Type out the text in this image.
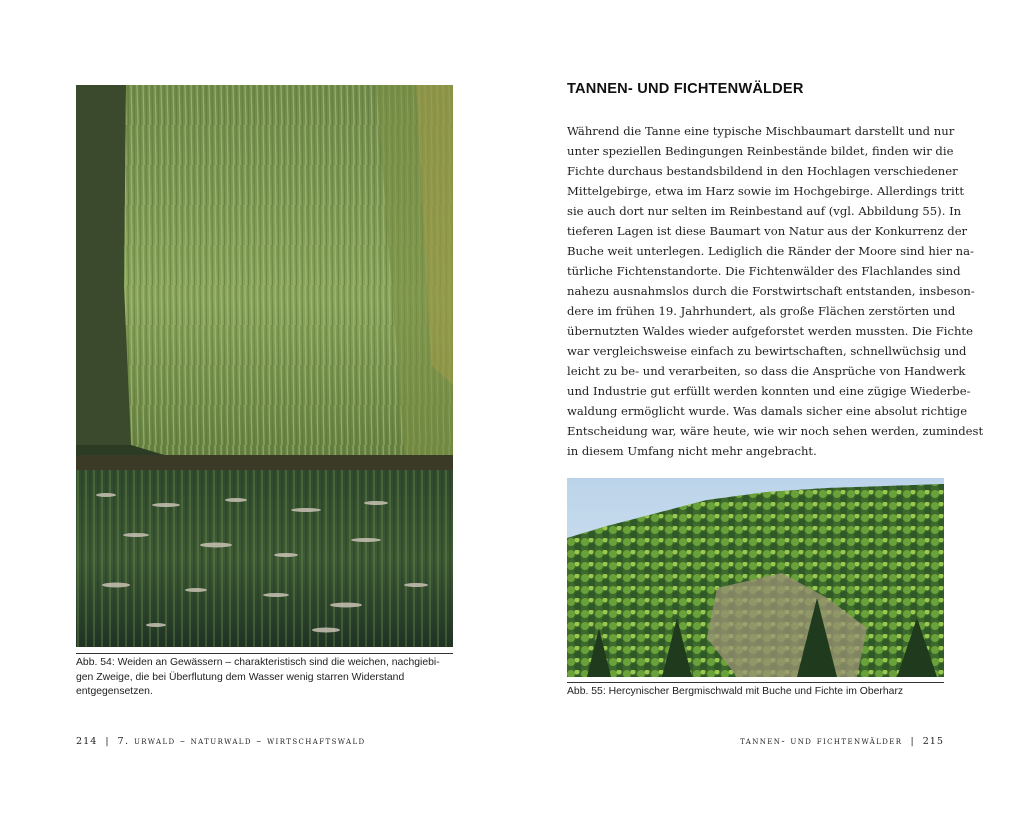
Abb. 54: Weiden an Gewässern – charakteristisch sind die weichen, nachgiebi-
gen Zweige, die bei Überflutung dem Wasser wenig starren Widerstand
entgegensetzen.
214 | 7. urwald – naturwald – wirtschaftswald
TANNEN- UND FICHTENWÄLDER

Während die Tanne eine typische Mischbaumart darstellt und nur
unter speziellen Bedingungen Reinbestände bildet, finden wir die
Fichte durchaus bestandsbildend in den Hochlagen verschiedener
Mittelgebirge, etwa im Harz sowie im Hochgebirge. Allerdings tritt
sie auch dort nur selten im Reinbestand auf (vgl. Abbildung 55). In
tieferen Lagen ist diese Baumart von Natur aus der Konkurrenz der
Buche weit unterlegen. Lediglich die Ränder der Moore sind hier na-
türliche Fichtenstandorte. Die Fichtenwälder des Flachlandes sind
nahezu ausnahmslos durch die Forstwirtschaft entstanden, insbeson-
dere im frühen 19. Jahrhundert, als große Flächen zerstörten und
übernutzten Waldes wieder aufgeforstet werden mussten. Die Fichte
war vergleichsweise einfach zu bewirtschaften, schnellwüchsig und
leicht zu be- und verarbeiten, so dass die Ansprüche von Handwerk
und Industrie gut erfüllt werden konnten und eine zügige Wiederbe-
waldung ermöglicht wurde. Was damals sicher eine absolut richtige
Entscheidung war, wäre heute, wie wir noch sehen werden, zumindest
in diesem Umfang nicht mehr angebracht.

Abb. 55: Hercynischer Bergmischwald mit Buche und Fichte im Oberharz
tannen- und fichtenwälder | 215
